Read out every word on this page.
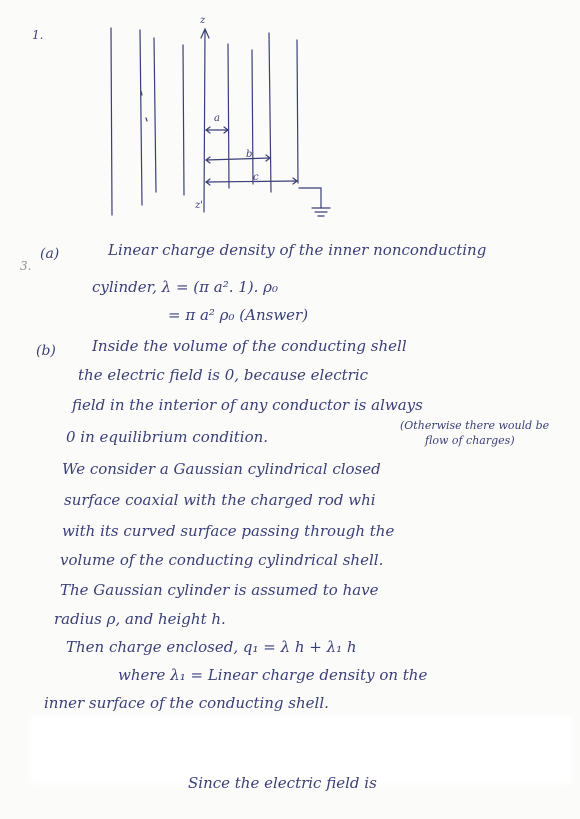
1.
z
z'
a
b
c
3.
(a)	Linear charge density of the inner nonconducting
cylinder, λ = (π a². 1). ρ₀
= π a² ρ₀ (Answer)
(b) Inside the volume of the conducting shell
the electric field is 0, because electric
field in the interior of any conductor is always
0 in equilibrium condition.
(Otherwise there would be
flow of charges)
We consider a Gaussian cylindrical closed
surface coaxial with the charged rod whi
with its curved surface passing through the
volume of the conducting cylindrical shell.
The Gaussian cylinder is assumed to have
radius ρ, and height h.
Then charge enclosed, q₁ = λ h + λ₁ h
where λ₁ = Linear charge density on the
inner surface of the conducting shell.
Since the electric field is
